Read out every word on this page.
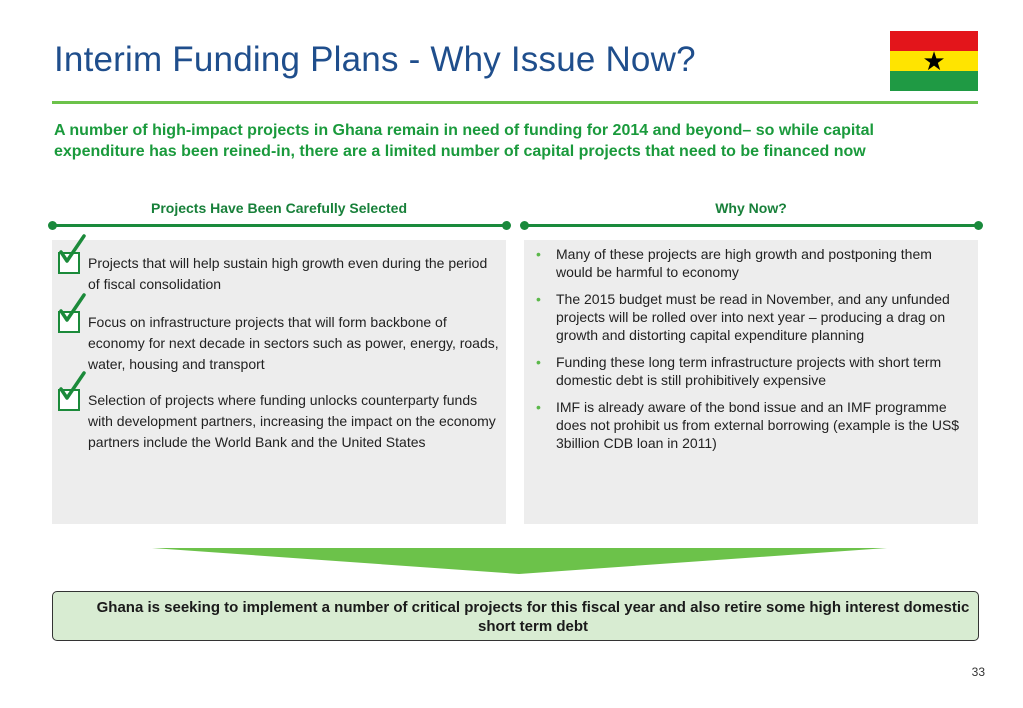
Interim Funding Plans - Why Issue Now?	★

A number of high-impact projects in Ghana remain in need of funding for 2014 and beyond– so while capital expenditure has been reined-in, there are a limited number of capital projects that need to be financed now

Projects Have Been Carefully Selected	Why Now?
Projects that will help sustain high growth even during the period of fiscal consolidation
Focus on infrastructure projects that will form backbone of economy for next decade in sectors such as power, energy, roads, water, housing and transport
Selection of projects where funding unlocks counterparty funds with development partners, increasing the impact on the economy partners include the World Bank and the United States
• Many of these projects are high growth and postponing them would be harmful to economy
• The 2015 budget must be read in November, and any unfunded projects will be rolled over into next year – producing a drag on growth and distorting capital expenditure planning
• Funding these long term infrastructure projects with short term domestic debt is still prohibitively expensive
• IMF is already aware of the bond issue and an IMF programme does not prohibit us from external borrowing (example is the US$ 3billion CDB loan in 2011)
Ghana is seeking to implement a number of critical projects for this fiscal year and also retire some high interest domestic short term debt
33
